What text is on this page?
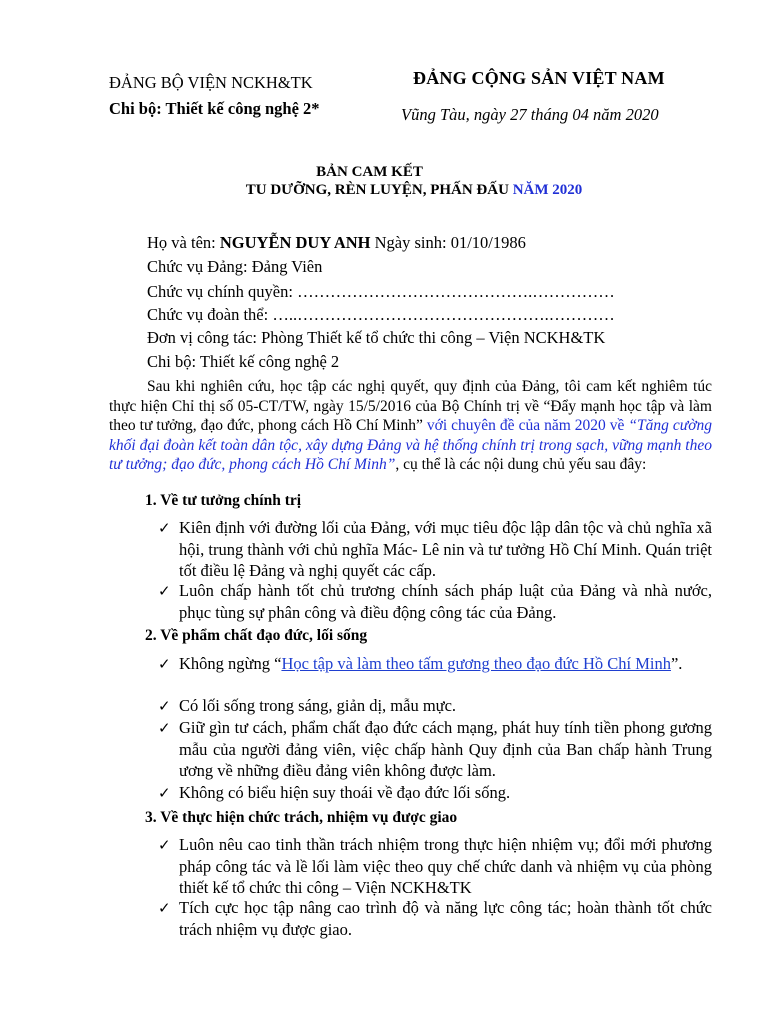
ĐẢNG BỘ VIỆN NCKH&TK
Chi bộ: Thiết kế công nghệ 2*
ĐẢNG CỘNG SẢN VIỆT NAM
Vũng Tàu, ngày 27 tháng 04 năm 2020
BẢN CAM KẾT
TU DƯỠNG, RÈN LUYỆN, PHẤN ĐẤU NĂM 2020
Họ và tên: NGUYỄN DUY ANH Ngày sinh: 01/10/1986
Chức vụ Đảng: Đảng Viên
Chức vụ chính quyền: …………………………………….……………
Chức vụ đoàn thể: …..……………………………………….…………
Đơn vị công tác: Phòng Thiết kế tổ chức thi công – Viện NCKH&TK
Chi bộ: Thiết kế công nghệ 2
Sau khi nghiên cứu, học tập các nghị quyết, quy định của Đảng, tôi cam kết nghiêm túc thực hiện Chỉ thị số 05-CT/TW, ngày 15/5/2016 của Bộ Chính trị về “Đẩy mạnh học tập và làm theo tư tưởng, đạo đức, phong cách Hồ Chí Minh” với chuyên đề của năm 2020 về “Tăng cường khối đại đoàn kết toàn dân tộc, xây dựng Đảng và hệ thống chính trị trong sạch, vững mạnh theo tư tưởng; đạo đức, phong cách Hồ Chí Minh”, cụ thể là các nội dung chủ yếu sau đây:
1. Về tư tưởng chính trị
✓ Kiên định với đường lối của Đảng, với mục tiêu độc lập dân tộc và chủ nghĩa xã hội, trung thành với chủ nghĩa Mác- Lê nin và tư tưởng Hồ Chí Minh. Quán triệt tốt điều lệ Đảng và nghị quyết các cấp.
✓ Luôn chấp hành tốt chủ trương chính sách pháp luật của Đảng và nhà nước, phục tùng sự phân công và điều động công tác của Đảng.
2. Về phẩm chất đạo đức, lối sống
✓ Không ngừng “Học tập và làm theo tấm gương theo đạo đức Hồ Chí Minh”.
✓ Có lối sống trong sáng, giản dị, mẫu mực.
✓ Giữ gìn tư cách, phẩm chất đạo đức cách mạng, phát huy tính tiền phong gương mẫu của người đảng viên, việc chấp hành Quy định của Ban chấp hành Trung ương về những điều đảng viên không được làm.
✓ Không có biểu hiện suy thoái về đạo đức lối sống.
3. Về thực hiện chức trách, nhiệm vụ được giao
✓ Luôn nêu cao tinh thần trách nhiệm trong thực hiện nhiệm vụ; đổi mới phương pháp công tác và lề lối làm việc theo quy chế chức danh và nhiệm vụ của phòng thiết kế tổ chức thi công – Viện NCKH&TK
✓ Tích cực học tập nâng cao trình độ và năng lực công tác; hoàn thành tốt chức trách nhiệm vụ được giao.
